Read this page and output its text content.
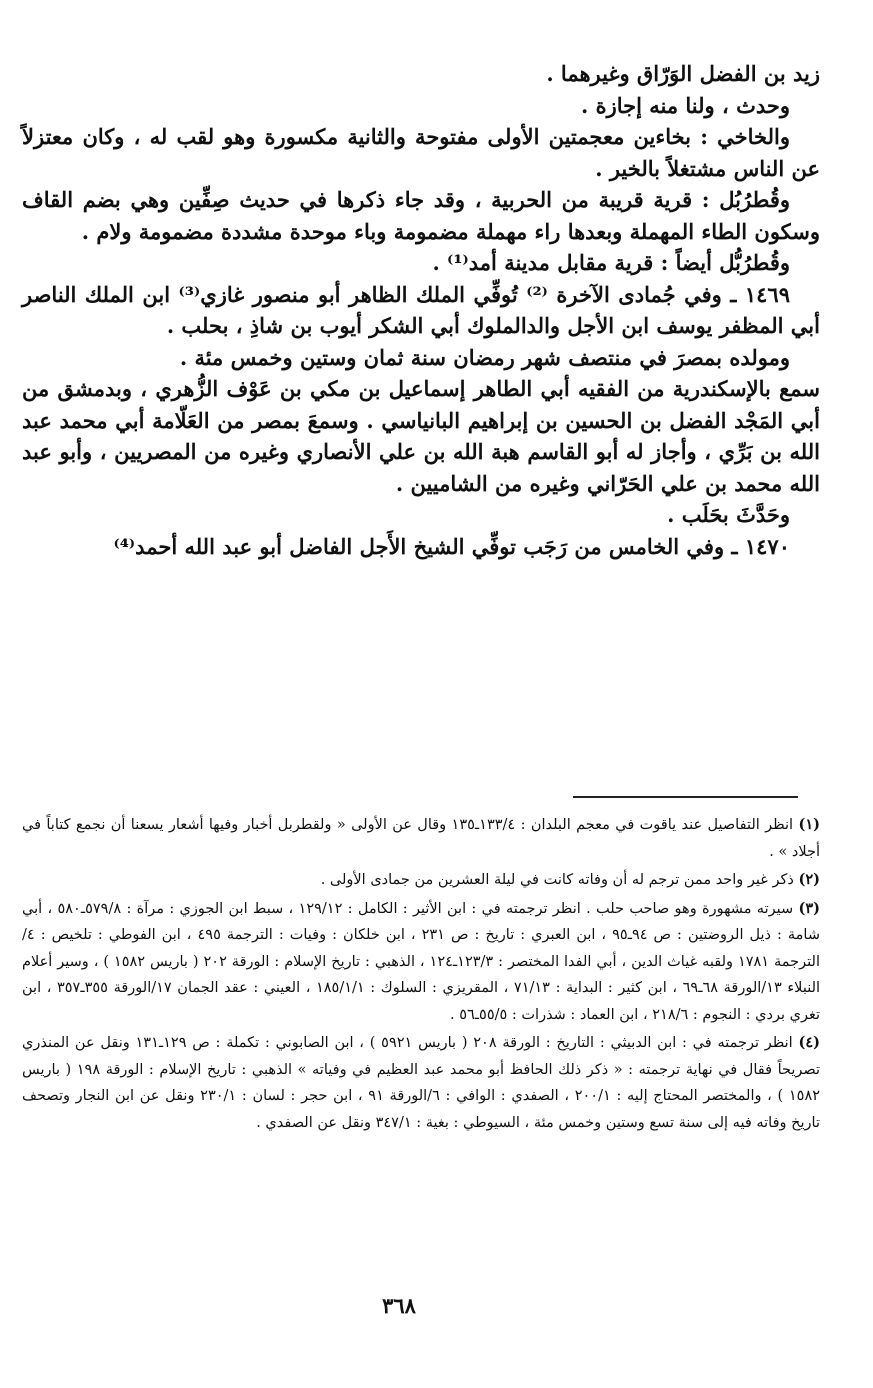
زيد بن الفضل الوَرّاق وغيرهما .

وحدث ، ولنا منه إجازة .

والخاخي : بخاءين معجمتين الأولى مفتوحة والثانية مكسورة وهو لقب له ، وكان معتزلاً عن الناس مشتغلاً بالخير .

وقُطرُبُل : قرية قريبة من الحربية ، وقد جاء ذكرها في حديث صِفِّين وهي بضم القاف وسكون الطاء المهملة وبعدها راء مهملة مضمومة وباء موحدة مشددة مضمومة ولام .

وقُطرُبُّل أيضاً : قرية مقابل مدينة أمد⁽¹⁾ .

١٤٦٩ ـ وفي جُمادى الآخرة ⁽²⁾ تُوفِّي الملك الظاهر أبو منصور غازي⁽³⁾ ابن الملك الناصر أبي المظفر يوسف ابن الأجل والدالملوك أبي الشكر أيوب بن شاذِ ، بحلب .

ومولده بمصرَ في منتصف شهر رمضان سنة ثمان وستين وخمس مئة .

سمع بالإسكندرية من الفقيه أبي الطاهر إسماعيل بن مكي بن عَوْف الزُّهري ، وبدمشق من أبي المَجْد الفضل بن الحسين بن إبراهيم البانياسي . وسمعَ بمصر من العَلّامة أبي محمد عبد الله بن بَرِّي ، وأجاز له أبو القاسم هبة الله بن علي الأنصاري وغيره من المصريين ، وأبو عبد الله محمد بن علي الحَرّاني وغيره من الشاميين .

وحَدَّثَ بحَلَب .

١٤٧٠ ـ وفي الخامس من رَجَب توفِّي الشيخ الأَجل الفاضل أبو عبد الله أحمد⁽⁴⁾

(١) انظر التفاصيل عند ياقوت في معجم البلدان : ١٣٣/٤ـ١٣٥ وقال عن الأولى « ولقطربل أخبار وفيها أشعار يسعنا أن نجمع كتاباً في أجلاد » .

(٢) ذكر غير واحد ممن ترجم له أن وفاته كانت في ليلة العشرين من جمادى الأولى .

(٣) سيرته مشهورة وهو صاحب حلب . انظر ترجمته في : ابن الأثير : الكامل : ١٢٩/١٢ ، سبط ابن الجوزي : مرآة : ٥٧٩/٨ـ٥٨٠ ، أبي شامة : ذيل الروضتين : ص ٩٤ـ٩٥ ، ابن العبري : تاريخ : ص ٢٣١ ، ابن خلكان : وفيات : الترجمة ٤٩٥ ، ابن الفوطي : تلخيص : ٤/الترجمة ١٧٨١ ولقبه غياث الدين ، أبي الفدا المختصر : ١٢٣/٣ـ١٢٤ ، الذهبي : تاريخ الإسلام : الورقة ٢٠٢ ( باريس ١٥٨٢ ) ، وسير أعلام النبلاء ١٣/الورقة ٦٨ـ٦٩ ، ابن كثير : البداية : ٧١/١٣ ، المقريزي : السلوك : ١٨٥/١/١ ، العيني : عقد الجمان ١٧/الورقة ٣٥٥ـ٣٥٧ ، ابن تغري بردي : النجوم : ٢١٨/٦ ، ابن العماد : شذرات : ٥٥/٥ـ٥٦ .

(٤) انظر ترجمته في : ابن الدبيثي : التاريخ : الورقة ٢٠٨ ( باريس ٥٩٢١ ) ، ابن الصابوني : تكملة : ص ١٢٩ـ١٣١ ونقل عن المنذري تصريحاً فقال في نهاية ترجمته : « ذكر ذلك الحافظ أبو محمد عبد العظيم في وفياته » الذهبي : تاريخ الإسلام : الورقة ١٩٨ ( باريس ١٥٨٢ ) ، والمختصر المحتاج إليه : ٢٠٠/١ ، الصفدي : الوافي : ٦/الورقة ٩١ ، ابن حجر : لسان : ٢٣٠/١ ونقل عن ابن النجار وتصحف تاريخ وفاته فيه إلى سنة تسع وستين وخمس مئة ، السيوطي : بغية : ٣٤٧/١ ونقل عن الصفدي .

٣٦٨
